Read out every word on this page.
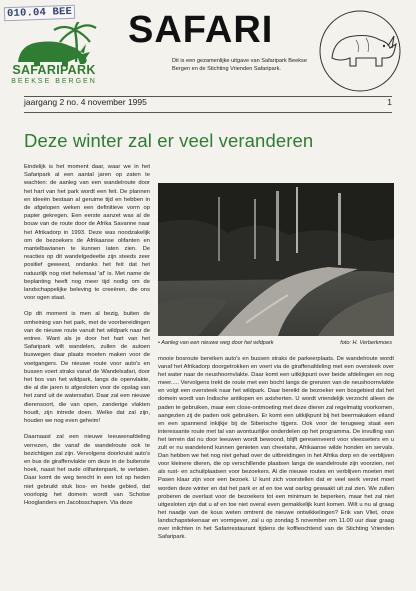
010.04 BEE
SAFARIPARK
BEEKSE BERGEN
SAFARI
Dit is een gezamenlijke uitgave van Safaripark Beekse Bergen en de Stichting Vrienden Safaripark.
jaargang 2 no. 4 november 1995	1
Deze winter zal er veel veranderen

Eindelijk is het moment daar, waar we in het Safaripark al een aantal jaren op zaten te wachten: de aanleg van een wandelroute door het hart van het park wordt een feit. De plannen en ideeën bestaan al geruime tijd en hebben in de afgelopen weken een definitieve vorm op papier gekregen. Een eerste aanzet was al de bouw van de route door de Afrika Savanne naar het Afrikadorp in 1993. Deze was noodzakelijk om de bezoekers de Afrikaanse olifanten en mantelbavianen te kunnen laten zien. De reacties op dit wandelgedeelte zijn steeds zeer positief geweest, ondanks het feit dat het natuurlijk nog niet helemaal 'af' is. Met name de beplanting heeft nog meer tijd nodig om de landschappelijke beleving te creeëren, die ons voor ogen staat.

Op dit moment is men al bezig, buiten de omheining van het park, met de voorbereidingen van de nieuwe route vanuit het wildpark naar de entree. Want als je door het hart van het Safaripark wilt wandelen, zullen de autoen buswegen daar plaats moeten maken voor de voetgangers. De nieuwe route voor auto's en bussen voert straks vanaf de Wandelsafari, door het bos van het wildpark, langs de openvlakte, die al die jaren is afgesloten voor de opslag van het zand uit de watersafari. Daar zal een nieuwe dierensoort, die van open, zanderige vlakten houdt, zijn intrede doen. Welke dat zal zijn, houden we nog even geheim!

Daarnaast zal een nieuwe leeuwenafdeling verrezen, die vanaf de wandelroute ook te bezichtigen zal zijn. Vervolgens doorkruist auto's en bus de giraffenvlakte om deze in de buitenste hoek, naast het oude olifantenpark, te verlaten. Daar komt de weg terecht in een tot op heden niet gebruikt stuk bos- en heide gebied, dat voorlopig het domein wordt van Schotse Hooglanders en Jacobsschapen. Via deze

• Aanleg van een nieuwe weg door het wildpark	foto: H. Verberkmoes
mooie bosroute bereiken auto's en bussen straks de parkeerplaats. De wandelroute wordt vanaf het Afrikadorp doorgetrokken en voert via de giraffenafdeling met een oversteek over het water naar de neushoornvlakte. Daar komt een uitkijkpunt over beide afdelingen en nog meer..... Vervolgens trekt de route met een bocht langs de grenzen van de neushoornvlakte en volgt een oversteek naar het wildpark. Daar bereikt de bezoeker een bosgebied dat het domein wordt van Indische antilopen en axisherten. U wordt vriendelijk verzocht alleen de paden te gebruiken, maar een close-ontmoeting met deze dieren zal regelmatig voorkomen, aangezien zij de paden ook gebruiken. Er komt een uitkijkpunt bij het beermakaken eiland en een spannend inkijkje bij de Siberische tijgers. Ook voor de terugweg staat een interessante route met tal van avontuurlijke onderdelen op het programma. De invulling van het terrein dat nu door leeuwen wordt bewoond, blijft geresenveerd voor vleesseters en u zult er nu wandelend kunnen genieten van cheetahs, Afrikaanse wilde honden en servals. Dan hebben we het nog niet gehad over de uitbreidingen in het Afrika dorp en de verblijven voor kleinere dieren, die op verschillende plaatsen langs de wandelroute zijn voorzien, net als rust- en schuilplaatsen voor bezoekers. Al die nieuwe routes en verblijven moeten met Pasen klaar zijn voor een bezoek. U kunt zich voorstellen dat er veel werk verzet moet worden deze winter en dat het park er af en toe wat oarlog gewaakt uit zal zien. We zullen proberen de overlast voor de bezoekers tot een minimum te beperken, maar het zal niet uitgesloten zijn dat u af en toe niet overal even gemakkelijk kunt komen. Wilt u nu al graag het naadje van de kous weten omtrent de nieuwe ontwikkelingen? Erik van Vliet, onze landschapstekenaar en vormgever, zal u op zondag 5 november om 11.00 uur daar graag over inlichten in het Safarirestaurant tijdens de koffieochtend van de Stichting Vrienden Safaripark.
